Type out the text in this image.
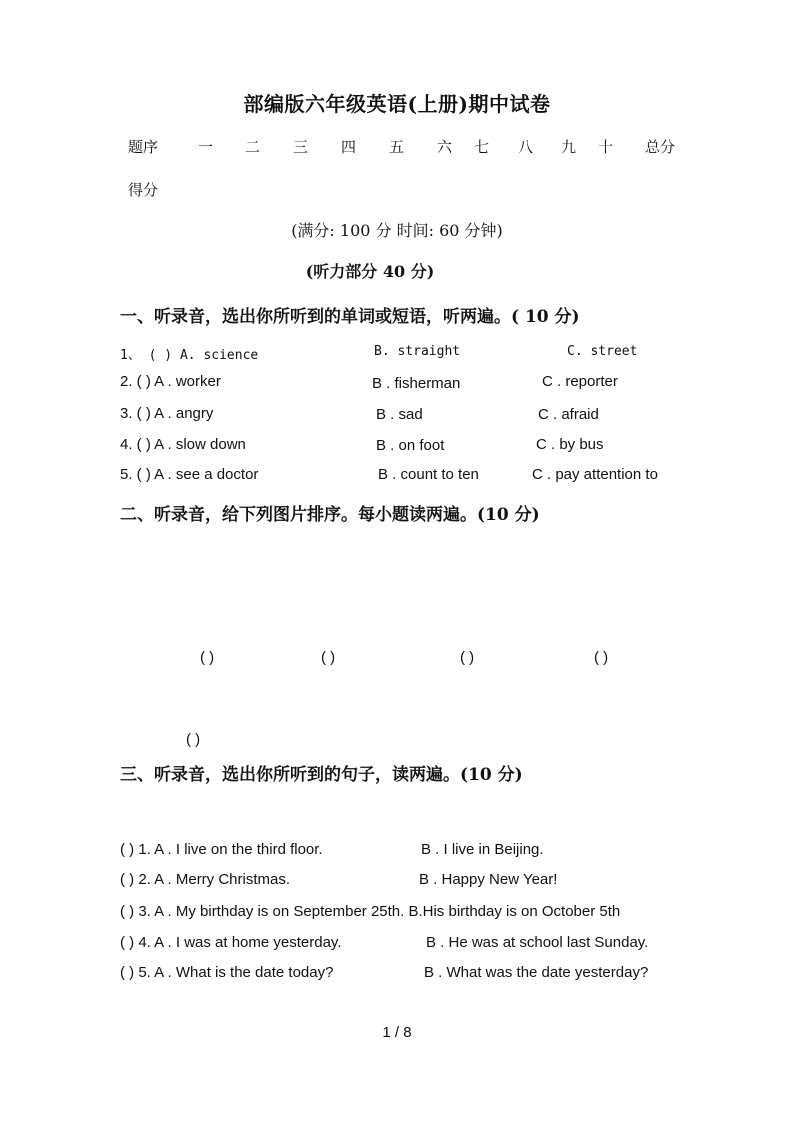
部编版六年级英语(上册)期中试卷
题序	一 二 三 四 五 六 七 八 九 十 总分
得分
(满分: 100 分 时间: 60 分钟)
(听力部分 40 分)
一、听录音，选出你所听到的单词或短语，听两遍。( 10 分)
1、 ( ) A. science	B. straight	C. street
2. ( ) A . worker	B . fisherman	C . reporter
3. ( ) A . angry	B . sad	C . afraid
4. ( ) A . slow down	B . on foot	C . by bus
5. ( ) A . see a doctor	B . count to ten	C . pay attention to
二、听录音，给下列图片排序。每小题读两遍。(10 分)
( )	( )	( )	( )
( )
三、听录音，选出你所听到的句子，读两遍。(10 分)
( ) 1. A . I live on the third floor.	B . I live in Beijing.
( ) 2. A . Merry Christmas.	B . Happy New Year!
( ) 3. A . My birthday is on September 25th. B.His birthday is on October 5th
( ) 4. A . I was at home yesterday.	B . He was at school last Sunday.
( ) 5. A . What is the date today?	B . What was the date yesterday?
1 / 8
